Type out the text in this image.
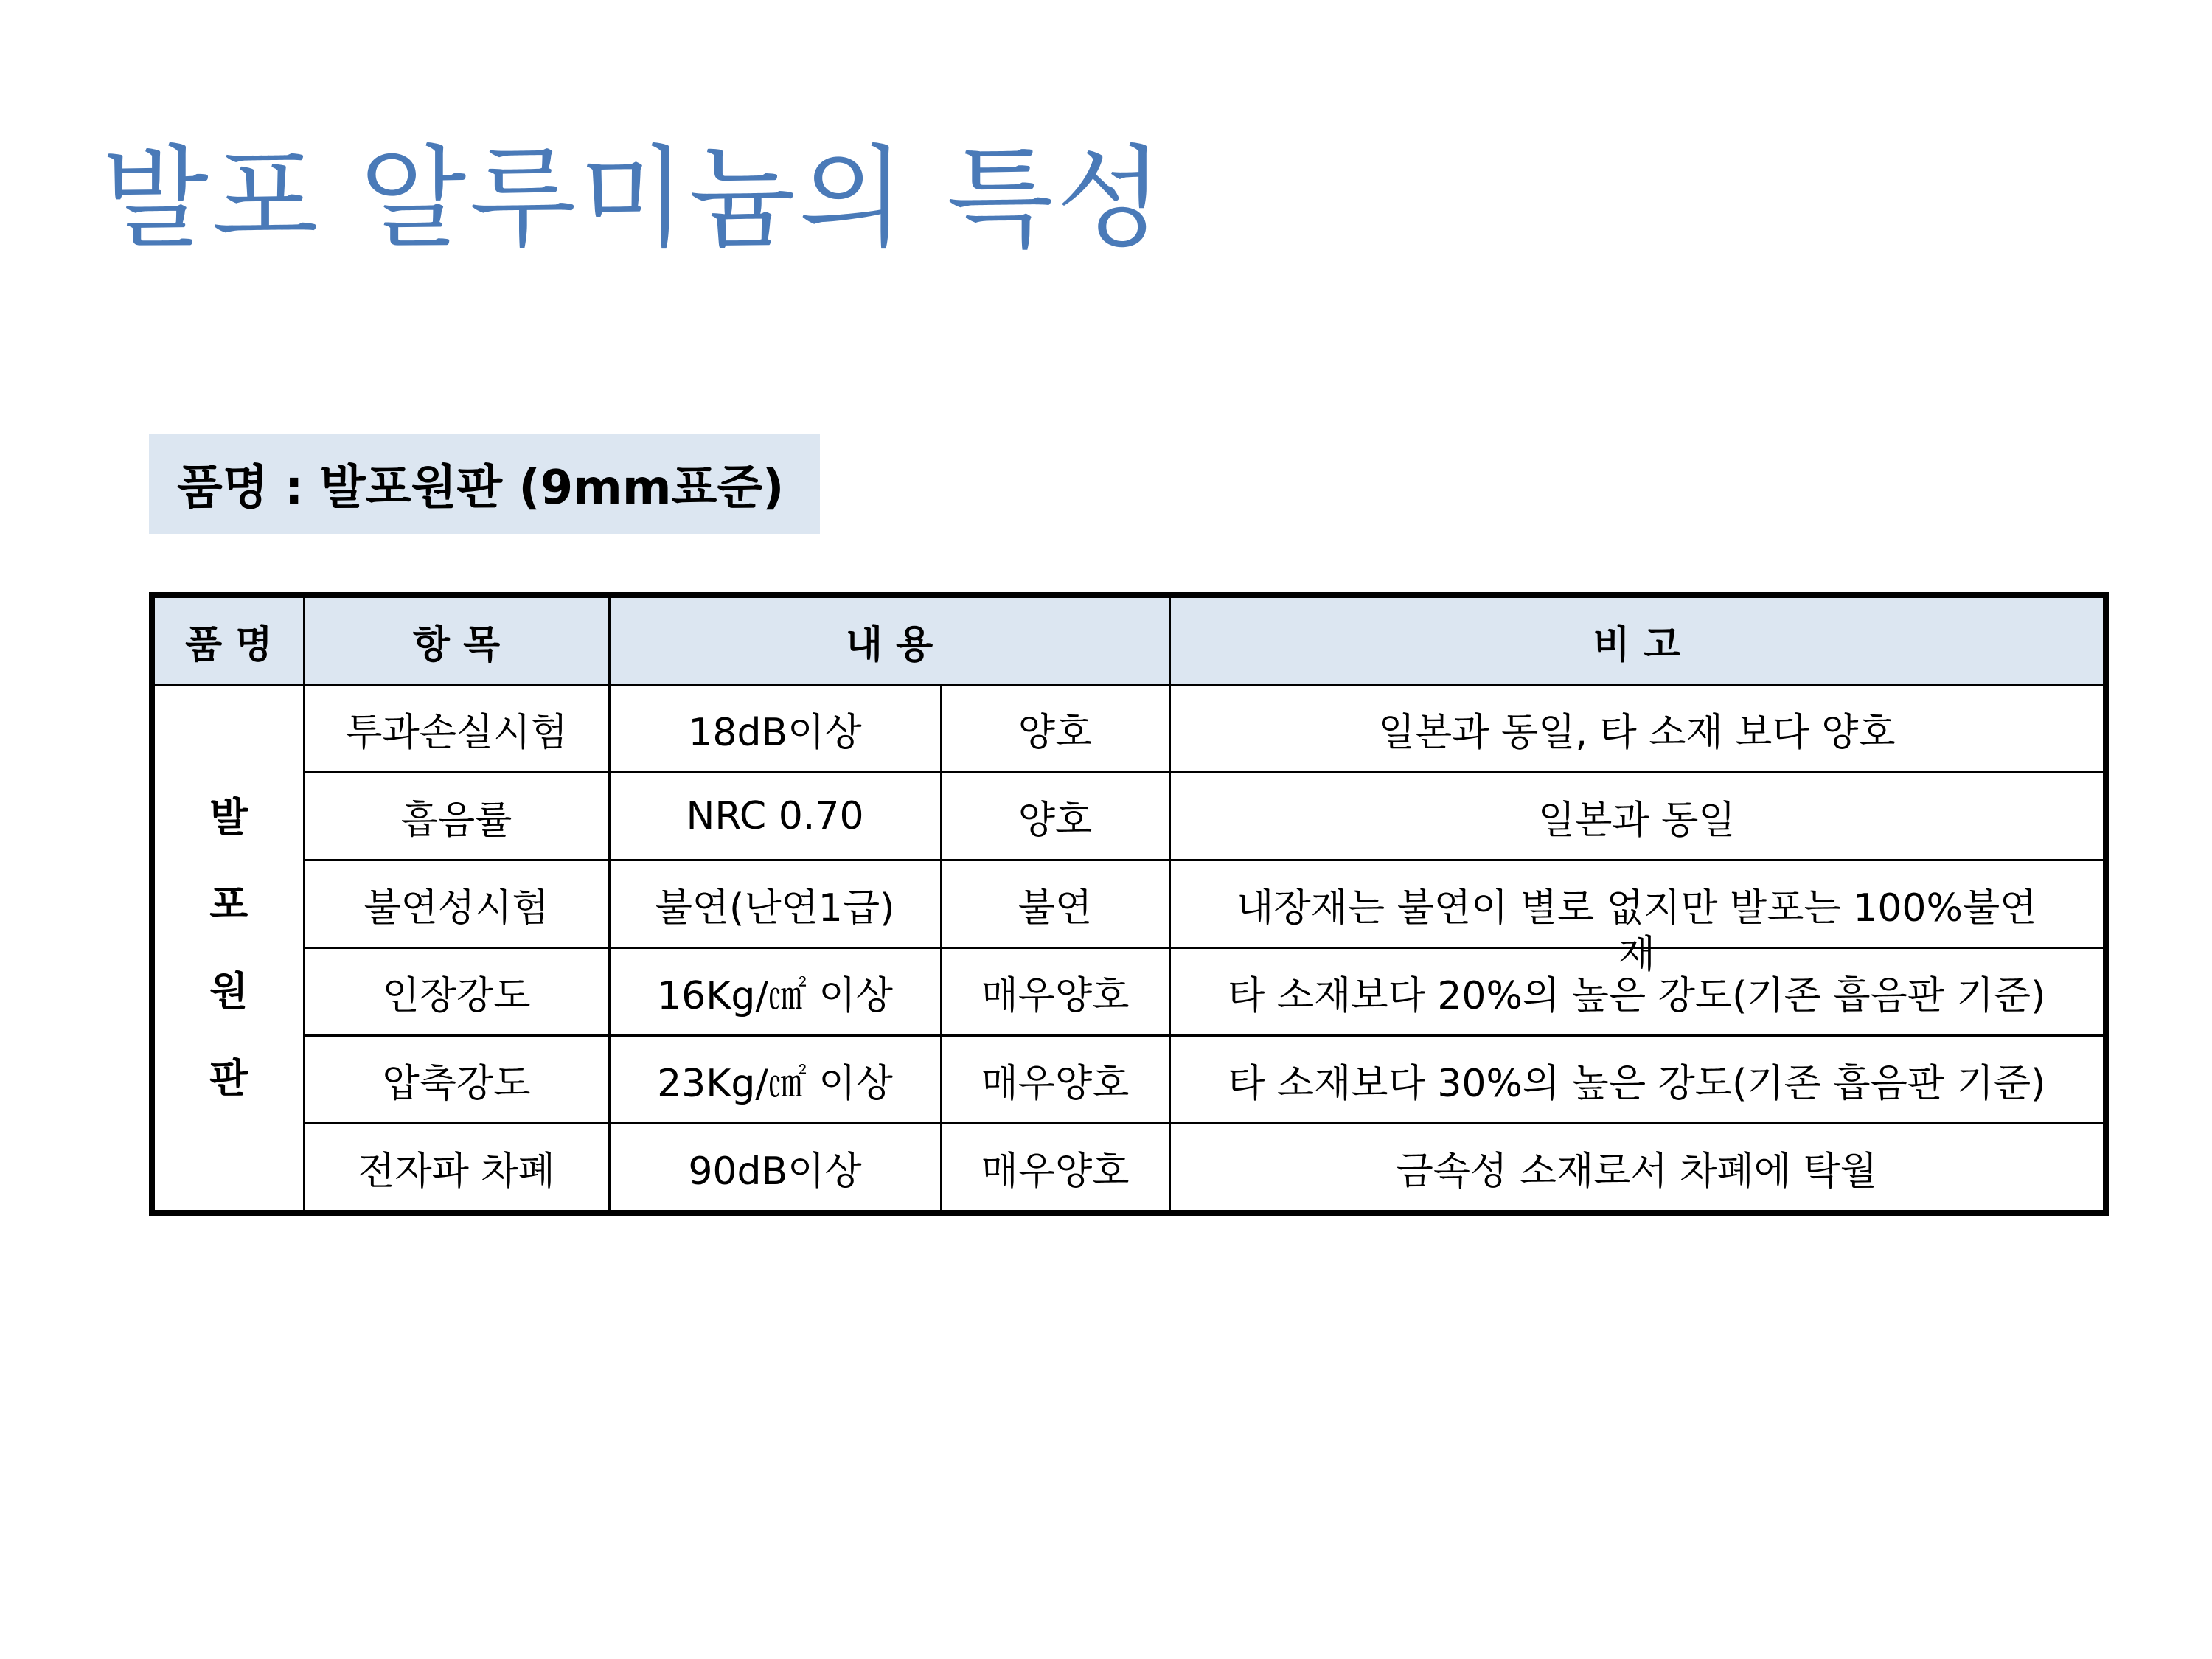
발포 알루미늄의 특성
품명 : 발포원판 (9mm표준)
품 명	항 목	내 용		비 고

발
포
원
판	투과손실시험	18dB이상	양호	일본과 동일, 타 소재 보다 양호
	흡음률	NRC 0.70	양호	일본과 동일
	불연성시험	불연(난연1급)	불연	내장재는 불연이 별로 없지만 발포는 100%불연
재

	인장강도	16Kg/㎠ 이상	매우양호	타 소재보다 20%의 높은 강도(기존 흡음판 기준)
	압축강도	23Kg/㎠ 이상	매우양호	타 소재보다 30%의 높은 강도(기존 흡음판 기준)
	전자파 차폐	90dB이상	매우양호	금속성 소재로서 차폐에 탁월
